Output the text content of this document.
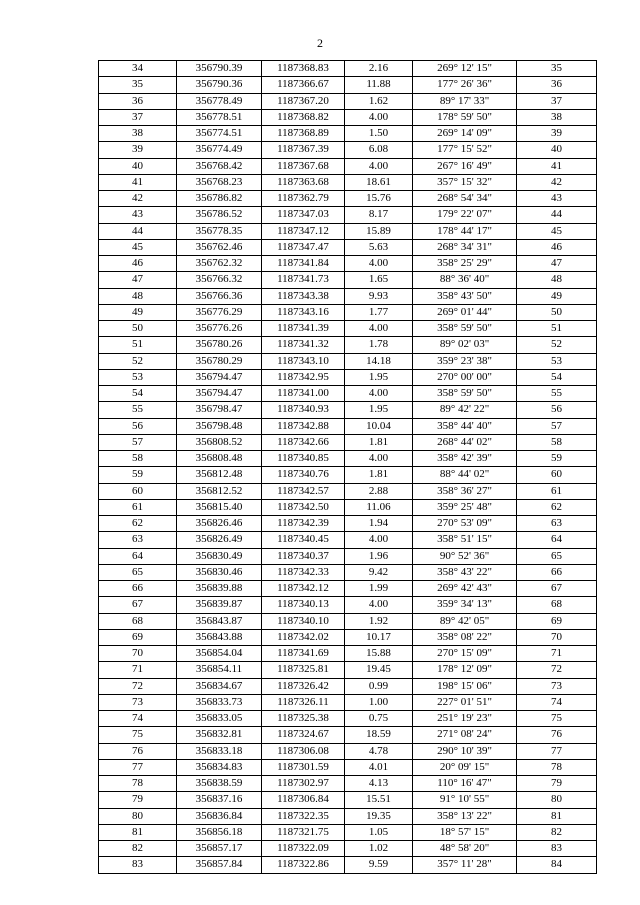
2
34	356790.39	1187368.83	2.16	269° 12' 15"	35
35	356790.36	1187366.67	11.88	177° 26' 36"	36
36	356778.49	1187367.20	1.62	89° 17' 33"	37
37	356778.51	1187368.82	4.00	178° 59' 50"	38
38	356774.51	1187368.89	1.50	269° 14' 09"	39
39	356774.49	1187367.39	6.08	177° 15' 52"	40
40	356768.42	1187367.68	4.00	267° 16' 49"	41
41	356768.23	1187363.68	18.61	357° 15' 32"	42
42	356786.82	1187362.79	15.76	268° 54' 34"	43
43	356786.52	1187347.03	8.17	179° 22' 07"	44
44	356778.35	1187347.12	15.89	178° 44' 17"	45
45	356762.46	1187347.47	5.63	268° 34' 31"	46
46	356762.32	1187341.84	4.00	358° 25' 29"	47
47	356766.32	1187341.73	1.65	88° 36' 40"	48
48	356766.36	1187343.38	9.93	358° 43' 50"	49
49	356776.29	1187343.16	1.77	269° 01' 44"	50
50	356776.26	1187341.39	4.00	358° 59' 50"	51
51	356780.26	1187341.32	1.78	89° 02' 03"	52
52	356780.29	1187343.10	14.18	359° 23' 38"	53
53	356794.47	1187342.95	1.95	270° 00' 00"	54
54	356794.47	1187341.00	4.00	358° 59' 50"	55
55	356798.47	1187340.93	1.95	89° 42' 22"	56
56	356798.48	1187342.88	10.04	358° 44' 40"	57
57	356808.52	1187342.66	1.81	268° 44' 02"	58
58	356808.48	1187340.85	4.00	358° 42' 39"	59
59	356812.48	1187340.76	1.81	88° 44' 02"	60
60	356812.52	1187342.57	2.88	358° 36' 27"	61
61	356815.40	1187342.50	11.06	359° 25' 48"	62
62	356826.46	1187342.39	1.94	270° 53' 09"	63
63	356826.49	1187340.45	4.00	358° 51' 15"	64
64	356830.49	1187340.37	1.96	90° 52' 36"	65
65	356830.46	1187342.33	9.42	358° 43' 22"	66
66	356839.88	1187342.12	1.99	269° 42' 43"	67
67	356839.87	1187340.13	4.00	359° 34' 13"	68
68	356843.87	1187340.10	1.92	89° 42' 05"	69
69	356843.88	1187342.02	10.17	358° 08' 22"	70
70	356854.04	1187341.69	15.88	270° 15' 09"	71
71	356854.11	1187325.81	19.45	178° 12' 09"	72
72	356834.67	1187326.42	0.99	198° 15' 06"	73
73	356833.73	1187326.11	1.00	227° 01' 51"	74
74	356833.05	1187325.38	0.75	251° 19' 23"	75
75	356832.81	1187324.67	18.59	271° 08' 24"	76
76	356833.18	1187306.08	4.78	290° 10' 39"	77
77	356834.83	1187301.59	4.01	20° 09' 15"	78
78	356838.59	1187302.97	4.13	110° 16' 47"	79
79	356837.16	1187306.84	15.51	91° 10' 55"	80
80	356836.84	1187322.35	19.35	358° 13' 22"	81
81	356856.18	1187321.75	1.05	18° 57' 15"	82
82	356857.17	1187322.09	1.02	48° 58' 20"	83
83	356857.84	1187322.86	9.59	357° 11' 28"	84
